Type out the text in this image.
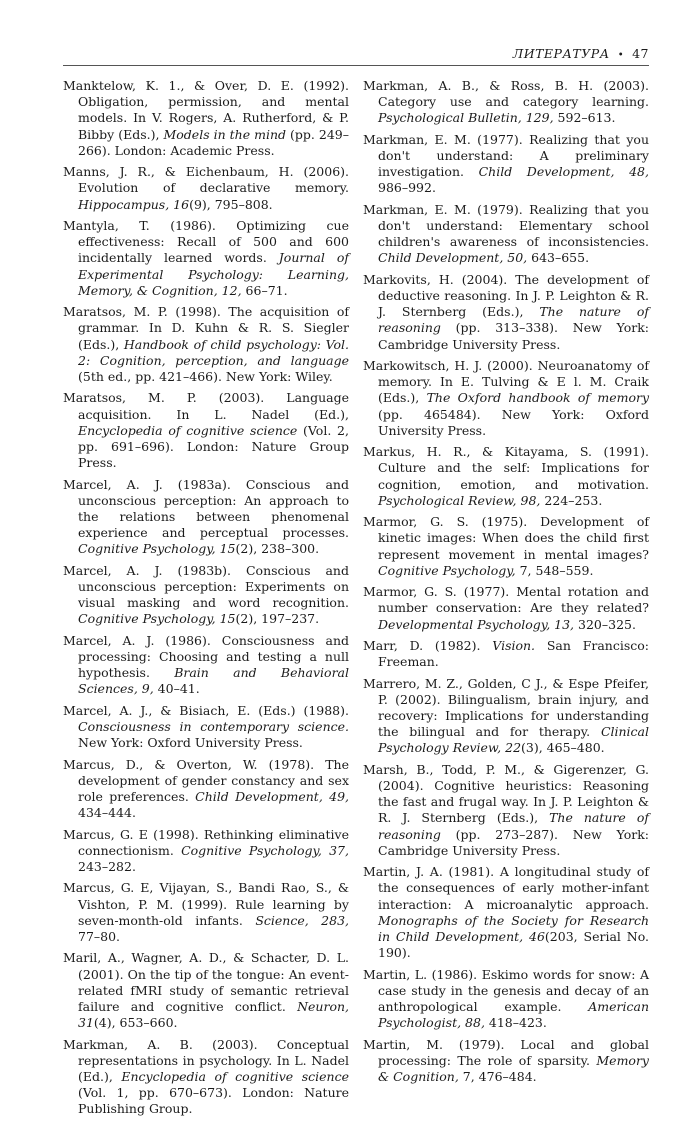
ЛИТЕРАТУРА • 47

Manktelow, K. 1., & Over, D. E. (1992). Obligation, permission, and mental models. In V. Rogers, A. Rutherford, & P. Bibby (Eds.), Models in the mind (pp. 249–266). London: Academic Press.

Manns, J. R., & Eichenbaum, H. (2006). Evolution of declarative memory. Hippocampus, 16(9), 795–808.

Mantyla, T. (1986). Optimizing cue effectiveness: Recall of 500 and 600 incidentally learned words. Journal of Experimental Psychology: Learning, Memory, & Cognition, 12, 66–71.

Maratsos, M. P. (1998). The acquisition of grammar. In D. Kuhn & R. S. Siegler (Eds.), Handbook of child psychology: Vol. 2: Cognition, perception, and language (5th ed., pp. 421–466). New York: Wiley.

Maratsos, M. P. (2003). Language acquisition. In L. Nadel (Ed.), Encyclopedia of cognitive science (Vol. 2, pp. 691–696). London: Nature Group Press.

Marcel, A. J. (1983a). Conscious and unconscious perception: An approach to the relations between phenomenal experience and perceptual processes. Cognitive Psychology, 15(2), 238–300.

Marcel, A. J. (1983b). Conscious and unconscious perception: Experiments on visual masking and word recognition. Cognitive Psychology, 15(2), 197–237.

Marcel, A. J. (1986). Consciousness and processing: Choosing and testing a null hypothesis. Brain and Behavioral Sciences, 9, 40–41.

Marcel, A. J., & Bisiach, E. (Eds.) (1988). Consciousness in contemporary science. New York: Oxford University Press.

Marcus, D., & Overton, W. (1978). The development of gender constancy and sex role preferences. Child Development, 49, 434–444.

Marcus, G. E (1998). Rethinking eliminative connectionism. Cognitive Psychology, 37, 243–282.

Marcus, G. E, Vijayan, S., Bandi Rao, S., & Vishton, P. M. (1999). Rule learning by seven-month-old infants. Science, 283, 77–80.

Maril, A., Wagner, A. D., & Schacter, D. L. (2001). On the tip of the tongue: An event-related fMRI study of semantic retrieval failure and cognitive conflict. Neuron, 31(4), 653–660.

Markman, A. B. (2003). Conceptual representations in psychology. In L. Nadel (Ed.), Encyclopedia of cognitive science (Vol. 1, pp. 670–673). London: Nature Publishing Group.

Markman, A. B., & Ross, B. H. (2003). Category use and category learning. Psychological Bulletin, 129, 592–613.

Markman, E. M. (1977). Realizing that you don't understand: A preliminary investigation. Child Development, 48, 986–992.

Markman, E. M. (1979). Realizing that you don't understand: Elementary school children's awareness of inconsistencies. Child Development, 50, 643–655.

Markovits, H. (2004). The development of deductive reasoning. In J. P. Leighton & R. J. Sternberg (Eds.), The nature of reasoning (pp. 313–338). New York: Cambridge University Press.

Markowitsch, H. J. (2000). Neuroanatomy of memory. In E. Tulving & E l. M. Craik (Eds.), The Oxford handbook of memory (pp. 465484). New York: Oxford University Press.

Markus, H. R., & Kitayama, S. (1991). Culture and the self: Implications for cognition, emotion, and motivation. Psychological Review, 98, 224–253.

Marmor, G. S. (1975). Development of kinetic images: When does the child first represent movement in mental images? Cognitive Psychology, 7, 548–559.

Marmor, G. S. (1977). Mental rotation and number conservation: Are they related? Developmental Psychology, 13, 320–325.

Marr, D. (1982). Vision. San Francisco: Freeman.

Marrero, M. Z., Golden, C J., & Espe Pfeifer, P. (2002). Bilingualism, brain injury, and recovery: Implications for understanding the bilingual and for therapy. Clinical Psychology Review, 22(3), 465–480.

Marsh, B., Todd, P. M., & Gigerenzer, G. (2004). Cognitive heuristics: Reasoning the fast and frugal way. In J. P. Leighton & R. J. Sternberg (Eds.), The nature of reasoning (pp. 273–287). New York: Cambridge University Press.

Martin, J. A. (1981). A longitudinal study of the consequences of early mother-infant interaction: A microanalytic approach. Monographs of the Society for Research in Child Development, 46(203, Serial No. 190).

Martin, L. (1986). Eskimo words for snow: A case study in the genesis and decay of an anthropological example. American Psychologist, 88, 418–423.

Martin, M. (1979). Local and global processing: The role of sparsity. Memory & Cognition, 7, 476–484.
